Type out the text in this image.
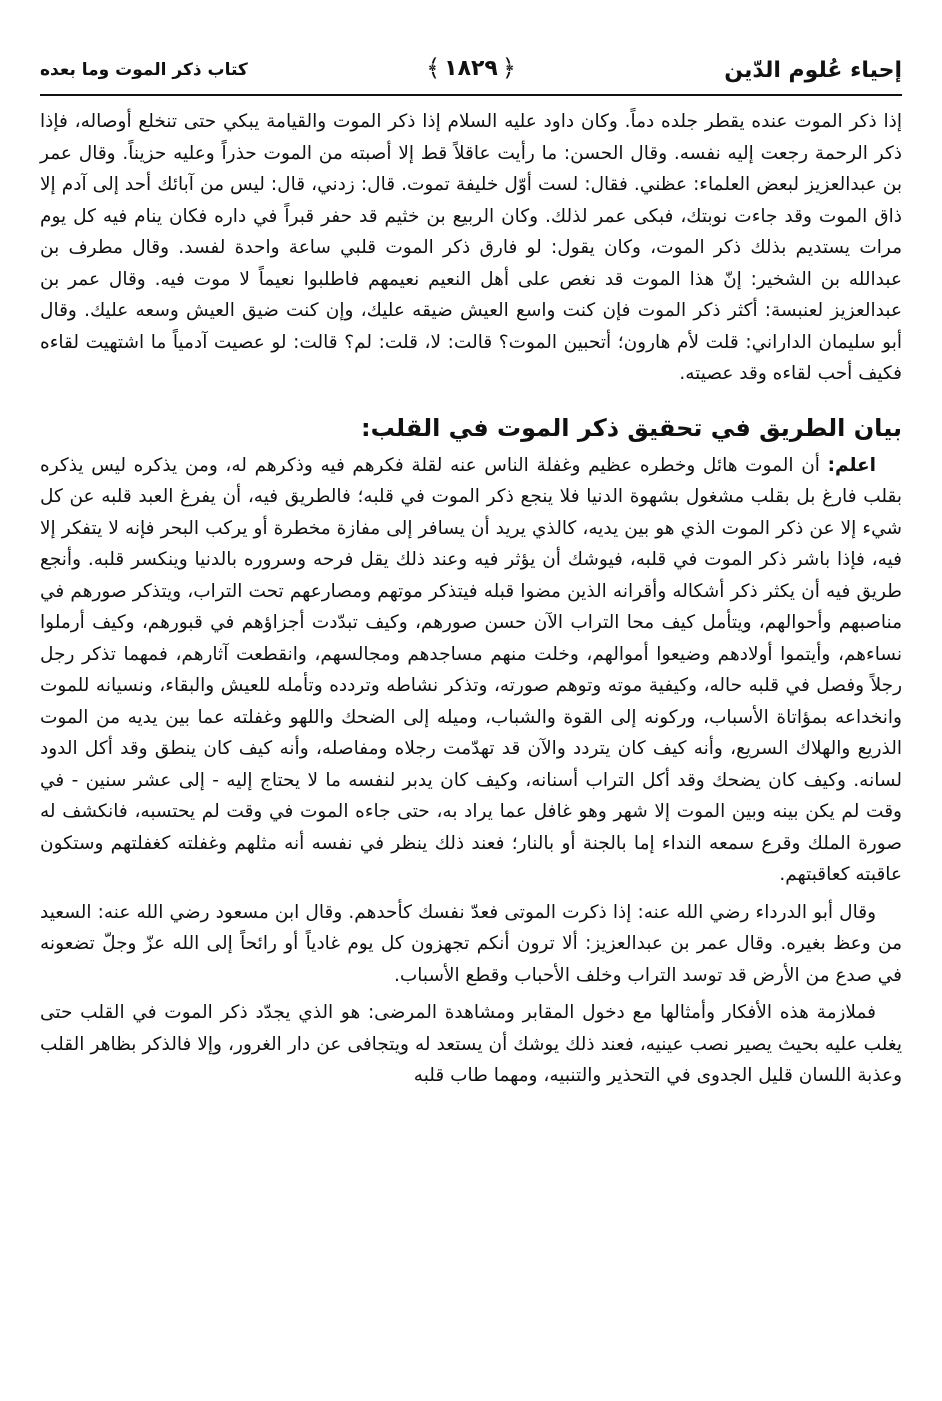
إحياء عُلوم الدّين
﴿
١٨٢٩
﴾
كتاب ذكر الموت وما بعده

إذا ذكر الموت عنده يقطر جلده دماً. وكان داود عليه السلام إذا ذكر الموت والقيامة يبكي حتى تنخلع أوصاله، فإذا ذكر الرحمة رجعت إليه نفسه. وقال الحسن: ما رأيت عاقلاً قط إلا أصبته من الموت حذراً وعليه حزيناً. وقال عمر بن عبدالعزيز لبعض العلماء: عظني. فقال: لست أوّل خليفة تموت. قال: زدني، قال: ليس من آبائك أحد إلى آدم إلا ذاق الموت وقد جاءت نوبتك، فبكى عمر لذلك. وكان الربيع بن خثيم قد حفر قبراً في داره فكان ينام فيه كل يوم مرات يستديم بذلك ذكر الموت، وكان يقول: لو فارق ذكر الموت قلبي ساعة واحدة لفسد. وقال مطرف بن عبدالله بن الشخير: إنّ هذا الموت قد نغص على أهل النعيم نعيمهم فاطلبوا نعيماً لا موت فيه. وقال عمر بن عبدالعزيز لعنبسة: أكثر ذكر الموت فإن كنت واسع العيش ضيقه عليك، وإن كنت ضيق العيش وسعه عليك. وقال أبو سليمان الداراني: قلت لأم هارون؛ أتحبين الموت؟ قالت: لا، قلت: لم؟ قالت: لو عصيت آدمياً ما اشتهيت لقاءه فكيف أحب لقاءه وقد عصيته.

بيان الطريق في تحقيق ذكر الموت في القلب:

اعلم: أن الموت هائل وخطره عظيم وغفلة الناس عنه لقلة فكرهم فيه وذكرهم له، ومن يذكره ليس يذكره بقلب فارغ بل بقلب مشغول بشهوة الدنيا فلا ينجع ذكر الموت في قلبه؛ فالطريق فيه، أن يفرغ العبد قلبه عن كل شيء إلا عن ذكر الموت الذي هو بين يديه، كالذي يريد أن يسافر إلى مفازة مخطرة أو يركب البحر فإنه لا يتفكر إلا فيه، فإذا باشر ذكر الموت في قلبه، فيوشك أن يؤثر فيه وعند ذلك يقل فرحه وسروره بالدنيا وينكسر قلبه. وأنجع طريق فيه أن يكثر ذكر أشكاله وأقرانه الذين مضوا قبله فيتذكر موتهم ومصارعهم تحت التراب، ويتذكر صورهم في مناصبهم وأحوالهم، ويتأمل كيف محا التراب الآن حسن صورهم، وكيف تبدّدت أجزاؤهم في قبورهم، وكيف أرملوا نساءهم، وأيتموا أولادهم وضيعوا أموالهم، وخلت منهم مساجدهم ومجالسهم، وانقطعت آثارهم، فمهما تذكر رجل رجلاً وفصل في قلبه حاله، وكيفية موته وتوهم صورته، وتذكر نشاطه وتردده وتأمله للعيش والبقاء، ونسيانه للموت وانخداعه بمؤاتاة الأسباب، وركونه إلى القوة والشباب، وميله إلى الضحك واللهو وغفلته عما بين يديه من الموت الذريع والهلاك السريع، وأنه كيف كان يتردد والآن قد تهدّمت رجلاه ومفاصله، وأنه كيف كان ينطق وقد أكل الدود لسانه. وكيف كان يضحك وقد أكل التراب أسنانه، وكيف كان يدبر لنفسه ما لا يحتاج إليه - إلى عشر سنين - في وقت لم يكن بينه وبين الموت إلا شهر وهو غافل عما يراد به، حتى جاءه الموت في وقت لم يحتسبه، فانكشف له صورة الملك وقرع سمعه النداء إما بالجنة أو بالنار؛ فعند ذلك ينظر في نفسه أنه مثلهم وغفلته كغفلتهم وستكون عاقبته كعاقبتهم.

وقال أبو الدرداء رضي الله عنه: إذا ذكرت الموتى فعدّ نفسك كأحدهم. وقال ابن مسعود رضي الله عنه: السعيد من وعظ بغيره. وقال عمر بن عبدالعزيز: ألا ترون أنكم تجهزون كل يوم غادياً أو رائحاً إلى الله عزّ وجلّ تضعونه في صدع من الأرض قد توسد التراب وخلف الأحباب وقطع الأسباب.

فملازمة هذه الأفكار وأمثالها مع دخول المقابر ومشاهدة المرضى: هو الذي يجدّد ذكر الموت في القلب حتى يغلب عليه بحيث يصير نصب عينيه، فعند ذلك يوشك أن يستعد له ويتجافى عن دار الغرور، وإلا فالذكر بظاهر القلب وعذبة اللسان قليل الجدوى في التحذير والتنبيه، ومهما طاب قلبه
